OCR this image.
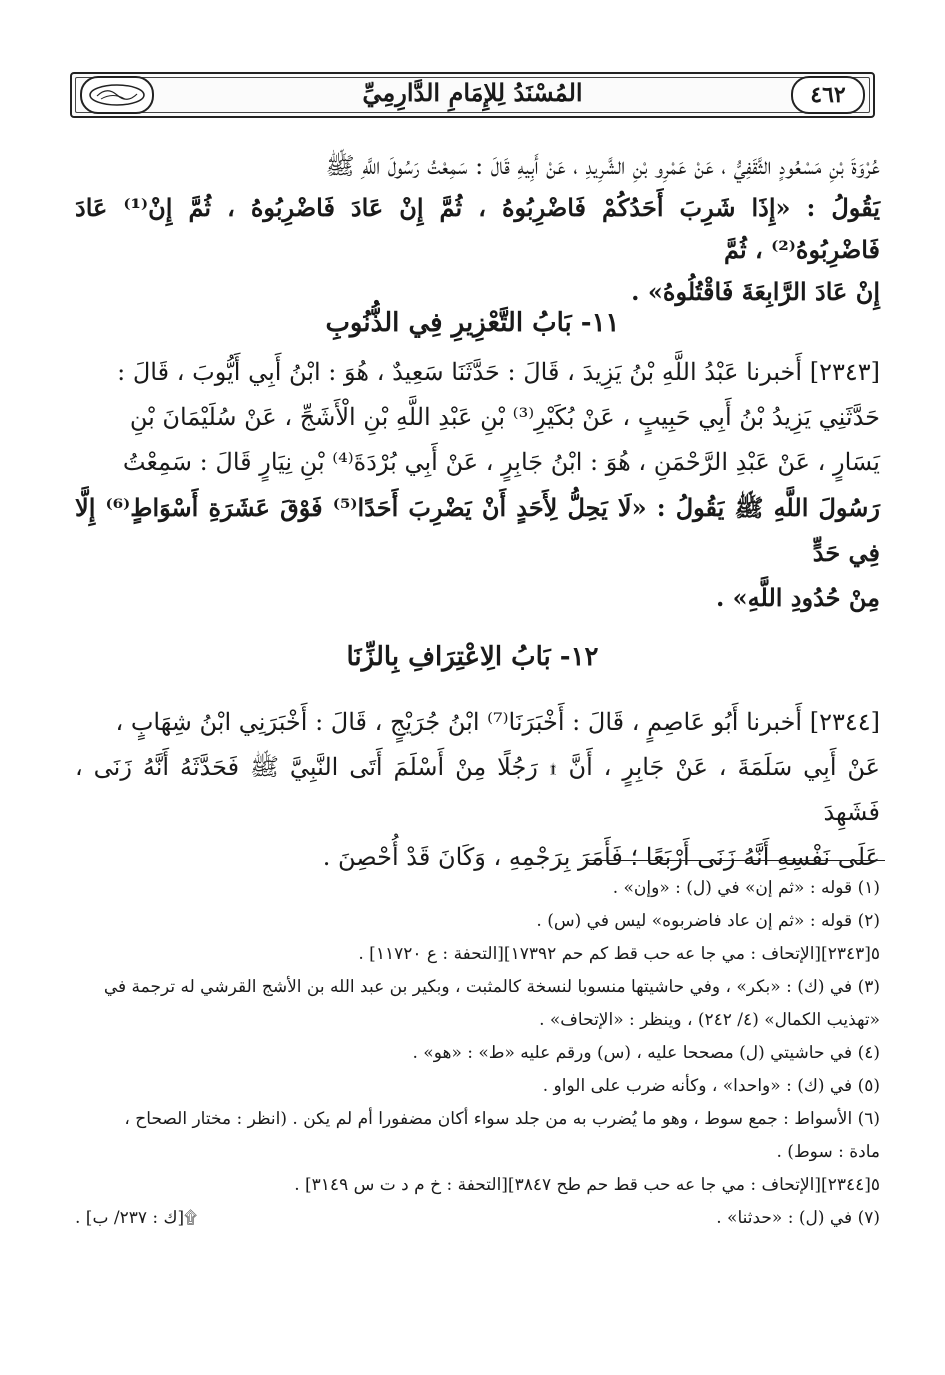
٤٦٢
المُسْنَدُ لِلإِمَامِ الدَّارِمِيِّ
عُرْوَةَ بْنِ مَسْعُودٍ الثَّقَفِيُّ ، عَنْ عَمْرِو بْنِ الشَّرِيدِ ، عَنْ أَبِيهِ قَالَ : سَمِعْتُ رَسُولَ اللَّهِ ﷺ
يَقُولُ : «إِذَا شَرِبَ أَحَدُكُمْ فَاضْرِبُوهُ ، ثُمَّ إِنْ عَادَ فَاضْرِبُوهُ ، ثُمَّ إِنْ⁽¹⁾ عَادَ فَاضْرِبُوهُ⁽²⁾ ، ثُمَّ
إِنْ عَادَ الرَّابِعَةَ فَاقْتُلُوهُ» .
١١- بَابُ التَّعْزِيرِ فِي الذُّنُوبِ
[٢٣٤٣] أَخبرنا عَبْدُ اللَّهِ بْنُ يَزِيدَ ، قَالَ : حَدَّثَنَا سَعِيدٌ ، هُوَ : ابْنُ أَبِي أَيُّوبَ ، قَالَ :
حَدَّثَنِي يَزِيدُ بْنُ أَبِي حَبِيبٍ ، عَنْ بُكَيْرِ⁽³⁾ بْنِ عَبْدِ اللَّهِ بْنِ الْأَشَجِّ ، عَنْ سُلَيْمَانَ بْنِ
يَسَارٍ ، عَنْ عَبْدِ الرَّحْمَنِ ، هُوَ : ابْنُ جَابِرٍ ، عَنْ أَبِي بُرْدَةَ⁽⁴⁾ بْنِ نِيَارٍ قَالَ : سَمِعْتُ
رَسُولَ اللَّهِ ﷺ يَقُولُ : «لَا يَحِلُّ لِأَحَدٍ أَنْ يَضْرِبَ أَحَدًا⁽⁵⁾ فَوْقَ عَشَرَةِ أَسْوَاطٍ⁽⁶⁾ إِلَّا فِي حَدٍّ
مِنْ حُدُودِ اللَّهِ» .
١٢- بَابُ الِاعْتِرَافِ بِالزِّنَا
[٢٣٤٤] أَخبرنا أَبُو عَاصِمٍ ، قَالَ : أَخْبَرَنَا⁽⁷⁾ ابْنُ جُرَيْجٍ ، قَالَ : أَخْبَرَنِي ابْنُ شِهَابٍ ،
عَنْ أَبِي سَلَمَةَ ، عَنْ جَابِرٍ ، أَنَّ ۩ رَجُلًا مِنْ أَسْلَمَ أَتَى النَّبِيَّ ﷺ فَحَدَّثَهُ أَنَّهُ زَنَى ، فَشَهِدَ
عَلَى نَفْسِهِ أَنَّهُ زَنَى أَرْبَعًا ؛ فَأَمَرَ بِرَجْمِهِ ، وَكَانَ قَدْ أُحْصِنَ .
(١) قوله : «ثم إن» في (ل) : «وإن» .
(٢) قوله : «ثم إن عاد فاضربوه» ليس في (س) .
٥[٢٣٤٣][الإتحاف : مي جا عه حب قط كم حم ١٧٣٩٢][التحفة : ع ١١٧٢٠] .
(٣) في (ك) : «بكر» ، وفي حاشيتها منسوبا لنسخة كالمثبت ، وبكير بن عبد الله بن الأشج القرشي له ترجمة في
«تهذيب الكمال» (٤/ ٢٤٢) ، وينظر : «الإتحاف» .
(٤) في حاشيتي (ل) مصححا عليه ، (س) ورقم عليه «ط» : «هو» .
(٥) في (ك) : «واحدا» ، وكأنه ضرب على الواو .
(٦) الأسواط : جمع سوط ، وهو ما يُضرب به من جلد سواء أكان مضفورا أم لم يكن . (انظر : مختار الصحاح ،
مادة : سوط) .
٥[٢٣٤٤][الإتحاف : مي جا عه حب قط حم طح ٣٨٤٧][التحفة : خ م د ت س ٣١٤٩] .
(٧) في (ل) : «حدثنا» .
۩[ك : ٢٣٧/ ب] .
